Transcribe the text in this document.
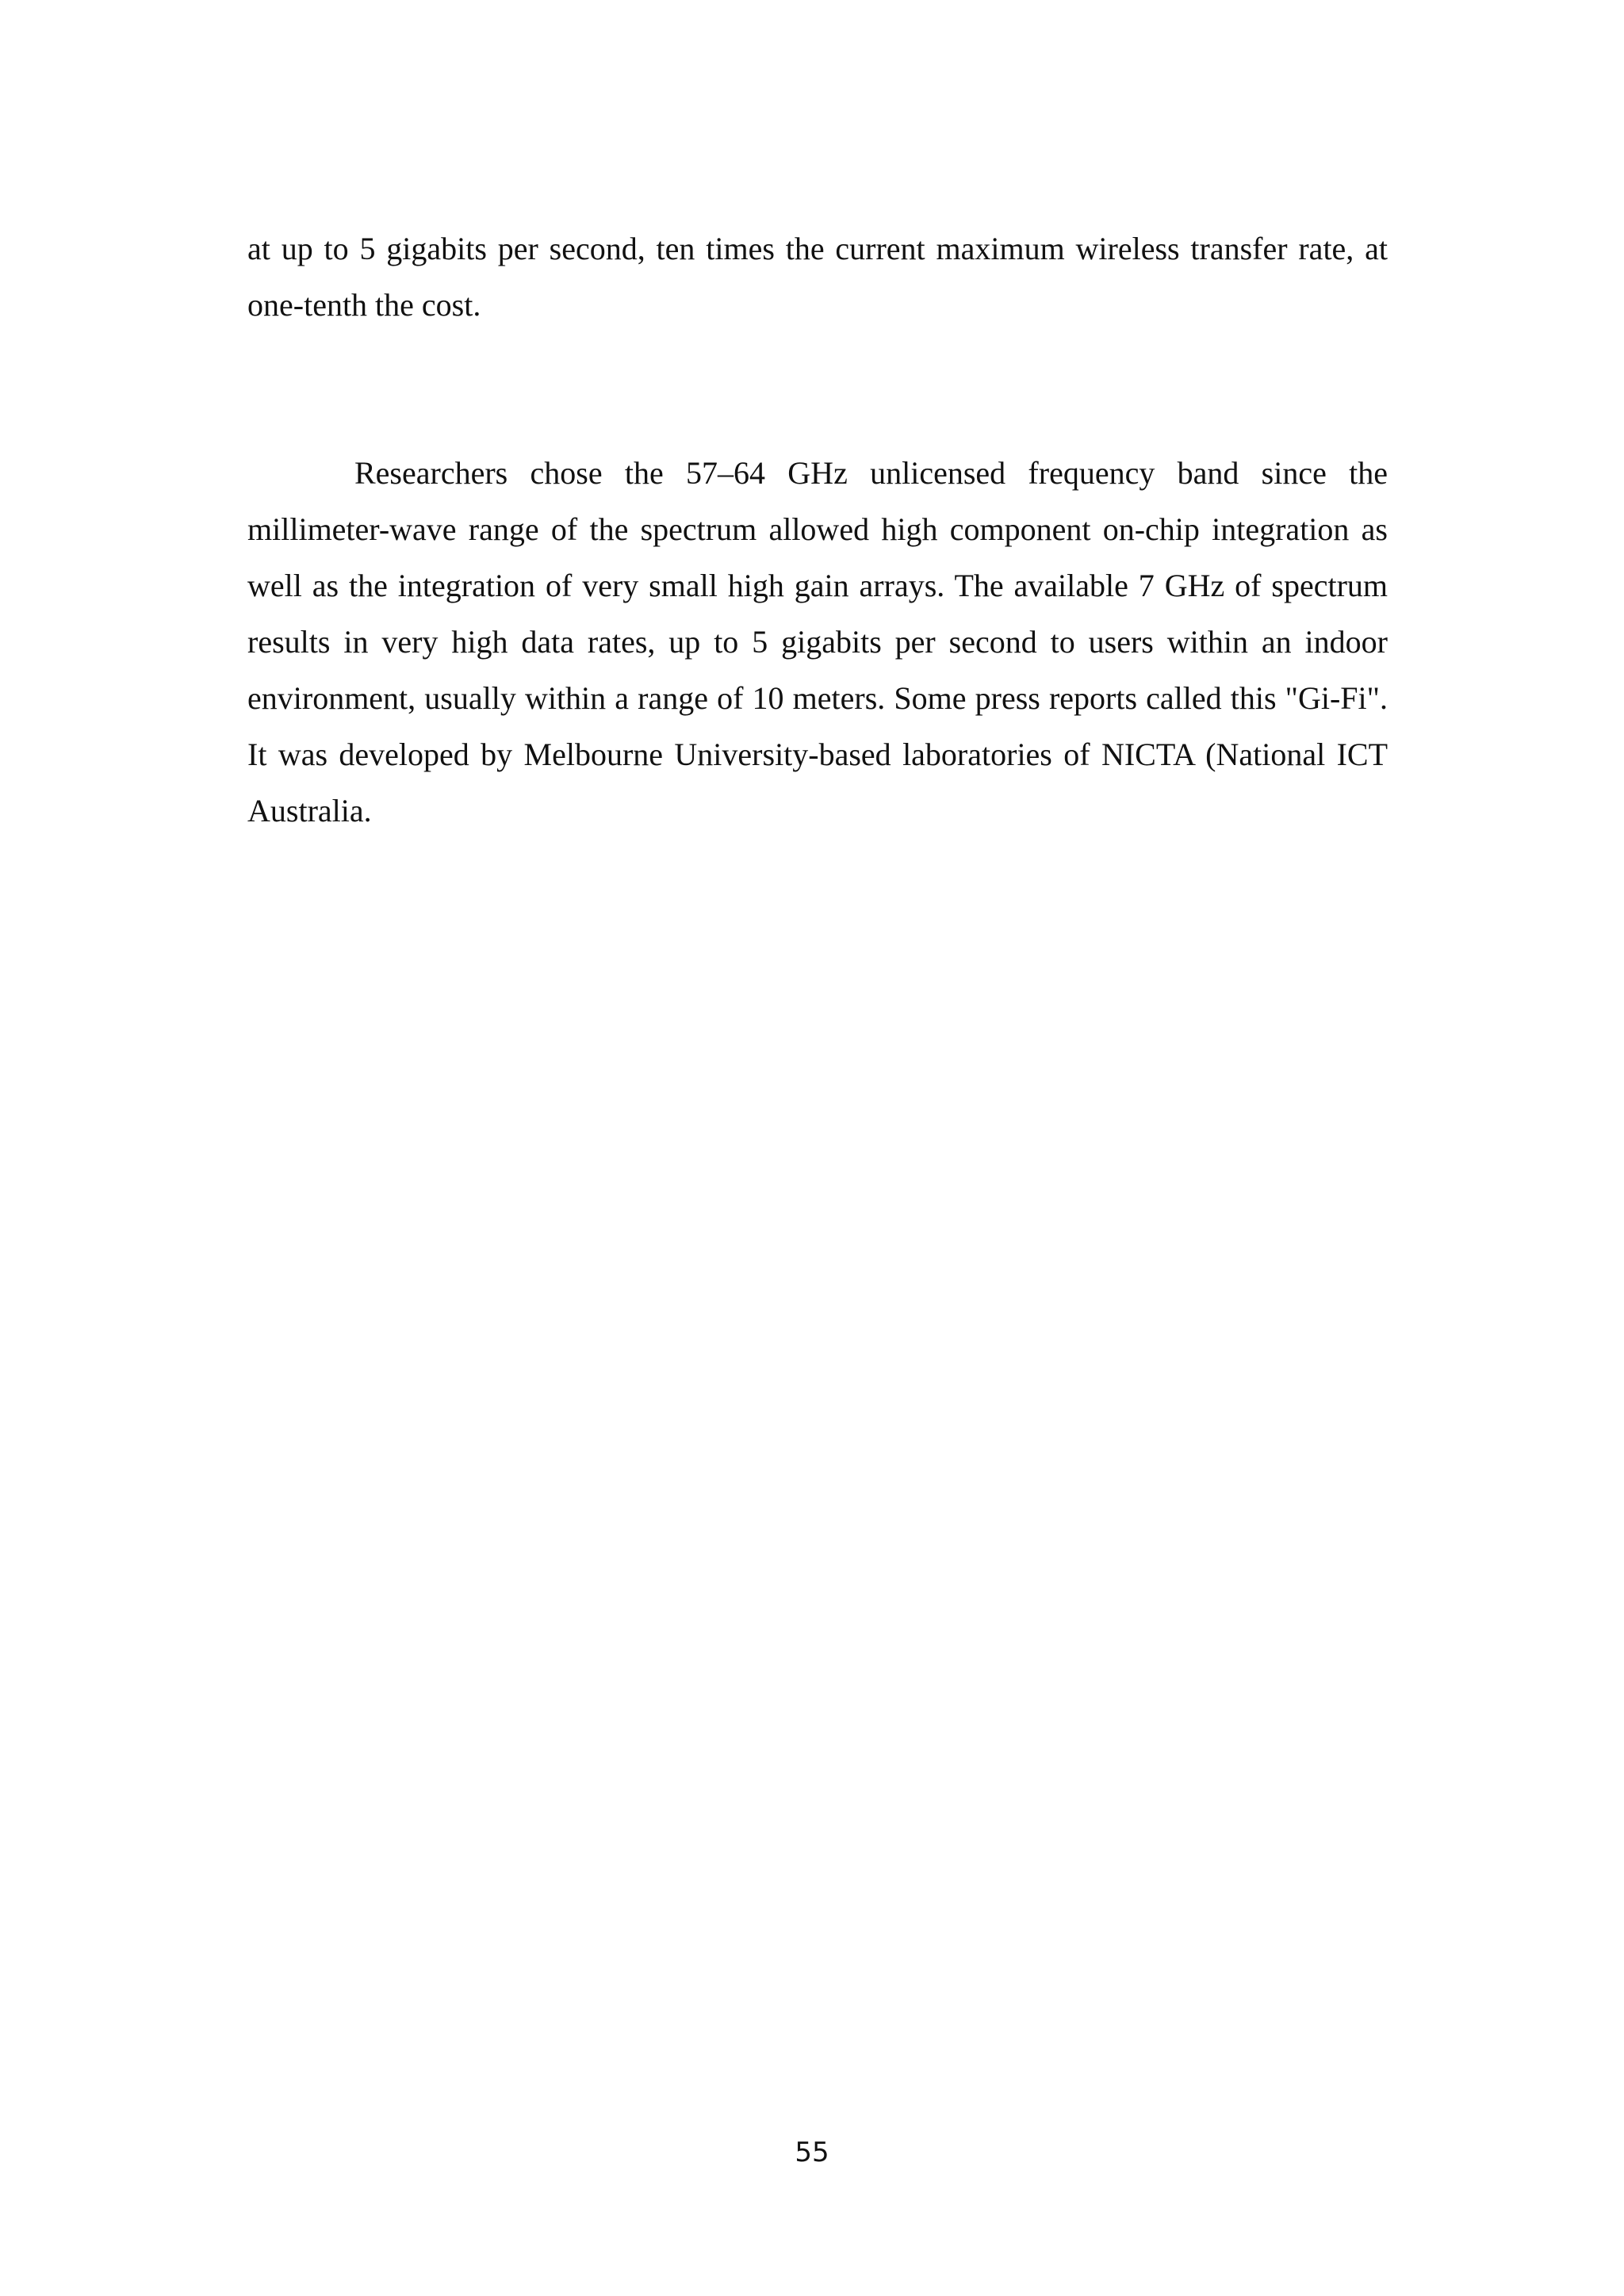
at up to 5 gigabits per second, ten times the current maximum wireless transfer rate, at one-tenth the cost.

Researchers chose the 57–64 GHz unlicensed frequency band since the millimeter-wave range of the spectrum allowed high component on-chip integration as well as the integration of very small high gain arrays. The available 7 GHz of spectrum results in very high data rates, up to 5 gigabits per second to users within an indoor environment, usually within a range of 10 meters. Some press reports called this "Gi-Fi". It was developed by Melbourne University-based laboratories of NICTA (National ICT Australia.

55
